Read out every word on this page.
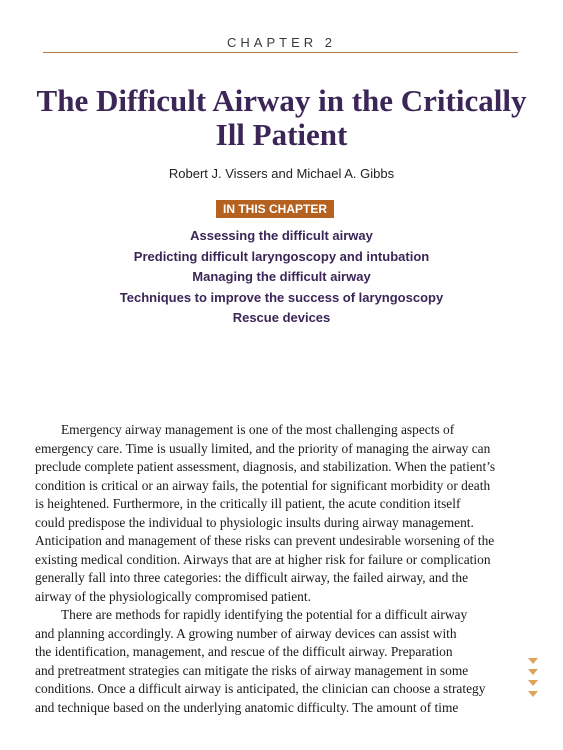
CHAPTER 2
The Difficult Airway in the Critically Ill Patient
Robert J. Vissers and Michael A. Gibbs
IN THIS CHAPTER
Assessing the difficult airway
Predicting difficult laryngoscopy and intubation
Managing the difficult airway
Techniques to improve the success of laryngoscopy
Rescue devices

Emergency airway management is one of the most challenging aspects of
emergency care. Time is usually limited, and the priority of managing the airway can
preclude complete patient assessment, diagnosis, and stabilization. When the patient’s
condition is critical or an airway fails, the potential for significant morbidity or death
is heightened. Furthermore, in the critically ill patient, the acute condition itself
could predispose the individual to physiologic insults during airway management.
Anticipation and management of these risks can prevent undesirable worsening of the
existing medical condition. Airways that are at higher risk for failure or complication
generally fall into three categories: the difficult airway, the failed airway, and the
airway of the physiologically compromised patient.

There are methods for rapidly identifying the potential for a difficult airway
and planning accordingly. A growing number of airway devices can assist with
the identification, management, and rescue of the difficult airway. Preparation
and pretreatment strategies can mitigate the risks of airway management in some
conditions. Once a difficult airway is anticipated, the clinician can choose a strategy
and technique based on the underlying anatomic difficulty. The amount of time
